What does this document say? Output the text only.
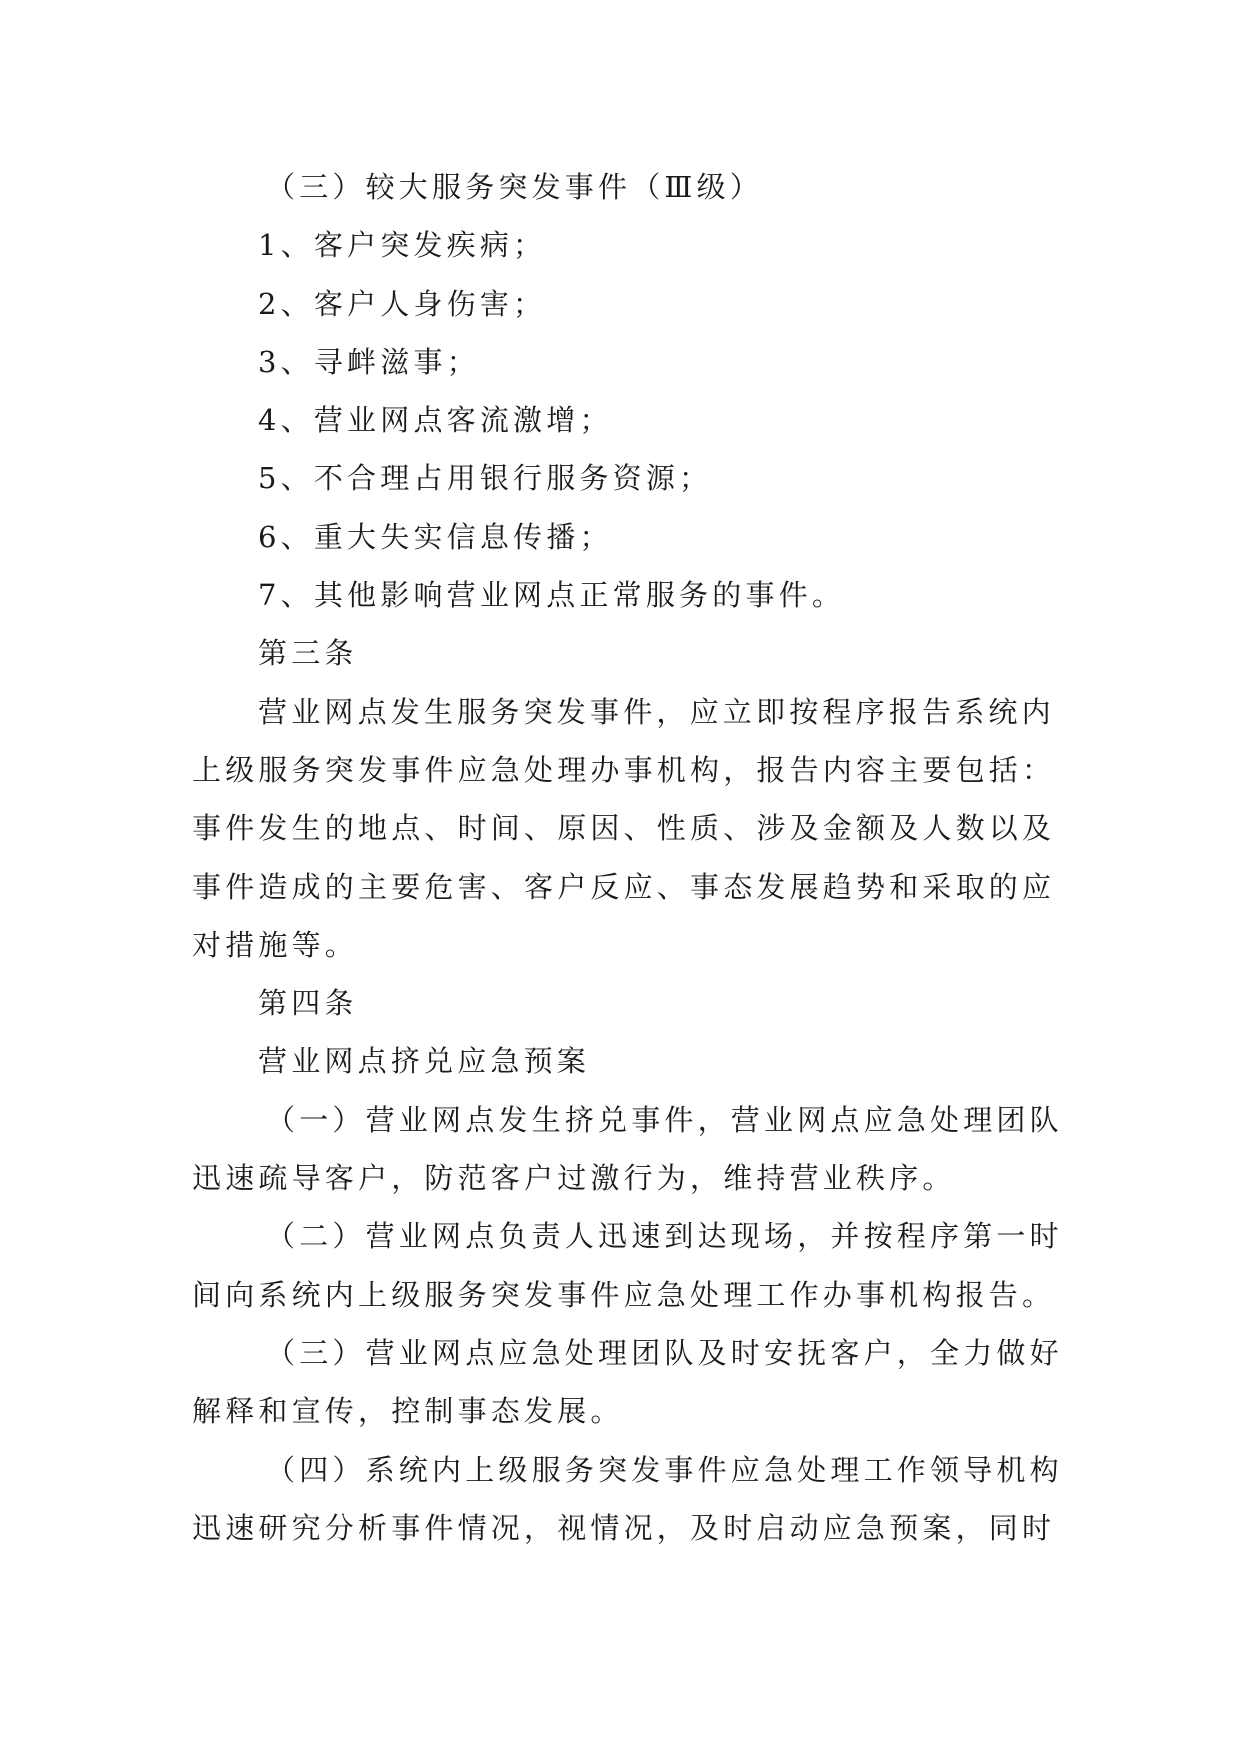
（三）较大服务突发事件（Ⅲ级）
1、客户突发疾病；
2、客户人身伤害；
3、寻衅滋事；
4、营业网点客流激增；
5、不合理占用银行服务资源；
6、重大失实信息传播；
7、其他影响营业网点正常服务的事件。
第三条
营业网点发生服务突发事件，应立即按程序报告系统内
上级服务突发事件应急处理办事机构，报告内容主要包括：
事件发生的地点、时间、原因、性质、涉及金额及人数以及
事件造成的主要危害、客户反应、事态发展趋势和采取的应
对措施等。
第四条
营业网点挤兑应急预案
（一）营业网点发生挤兑事件，营业网点应急处理团队
迅速疏导客户，防范客户过激行为，维持营业秩序。
（二）营业网点负责人迅速到达现场，并按程序第一时
间向系统内上级服务突发事件应急处理工作办事机构报告。
（三）营业网点应急处理团队及时安抚客户，全力做好
解释和宣传，控制事态发展。
（四）系统内上级服务突发事件应急处理工作领导机构
迅速研究分析事件情况，视情况，及时启动应急预案，同时
